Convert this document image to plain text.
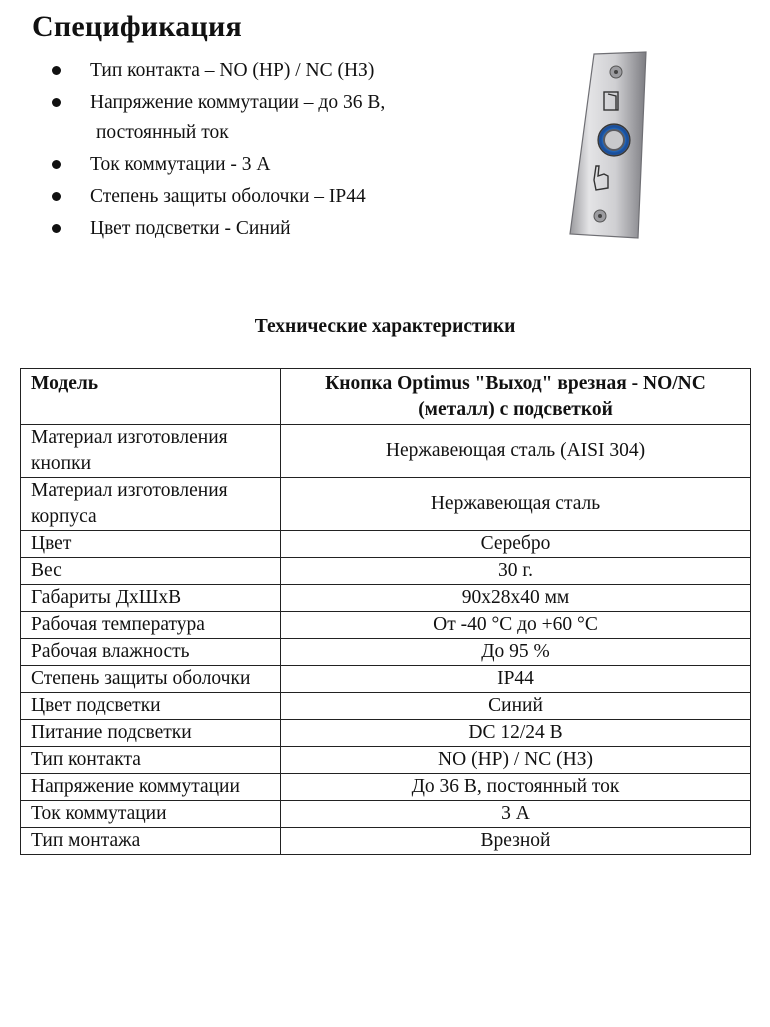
Спецификация
Тип контакта – NO (НР) / NC (НЗ)
Напряжение коммутации – до 36 В,
постоянный ток
Ток коммутации - 3 А
Степень защиты оболочки – IP44
Цвет подсветки - Синий
Технические характеристики
Модель	Кнопка Optimus "Выход" врезная - NO/NC (металл) с подсветкой
Материал изготовления кнопки	Нержавеющая сталь (AISI 304)
Материал изготовления корпуса	Нержавеющая сталь
Цвет	Серебро
Вес	30 г.
Габариты ДхШхВ	90х28х40 мм
Рабочая температура	От -40 °С до +60 °С
Рабочая влажность	До 95 %
Степень защиты оболочки	IP44
Цвет подсветки	Синий
Питание подсветки	DC 12/24 В
Тип контакта	NO (НР) / NC (НЗ)
Напряжение коммутации	До 36 В, постоянный ток
Ток коммутации	3 А
Тип монтажа	Врезной
